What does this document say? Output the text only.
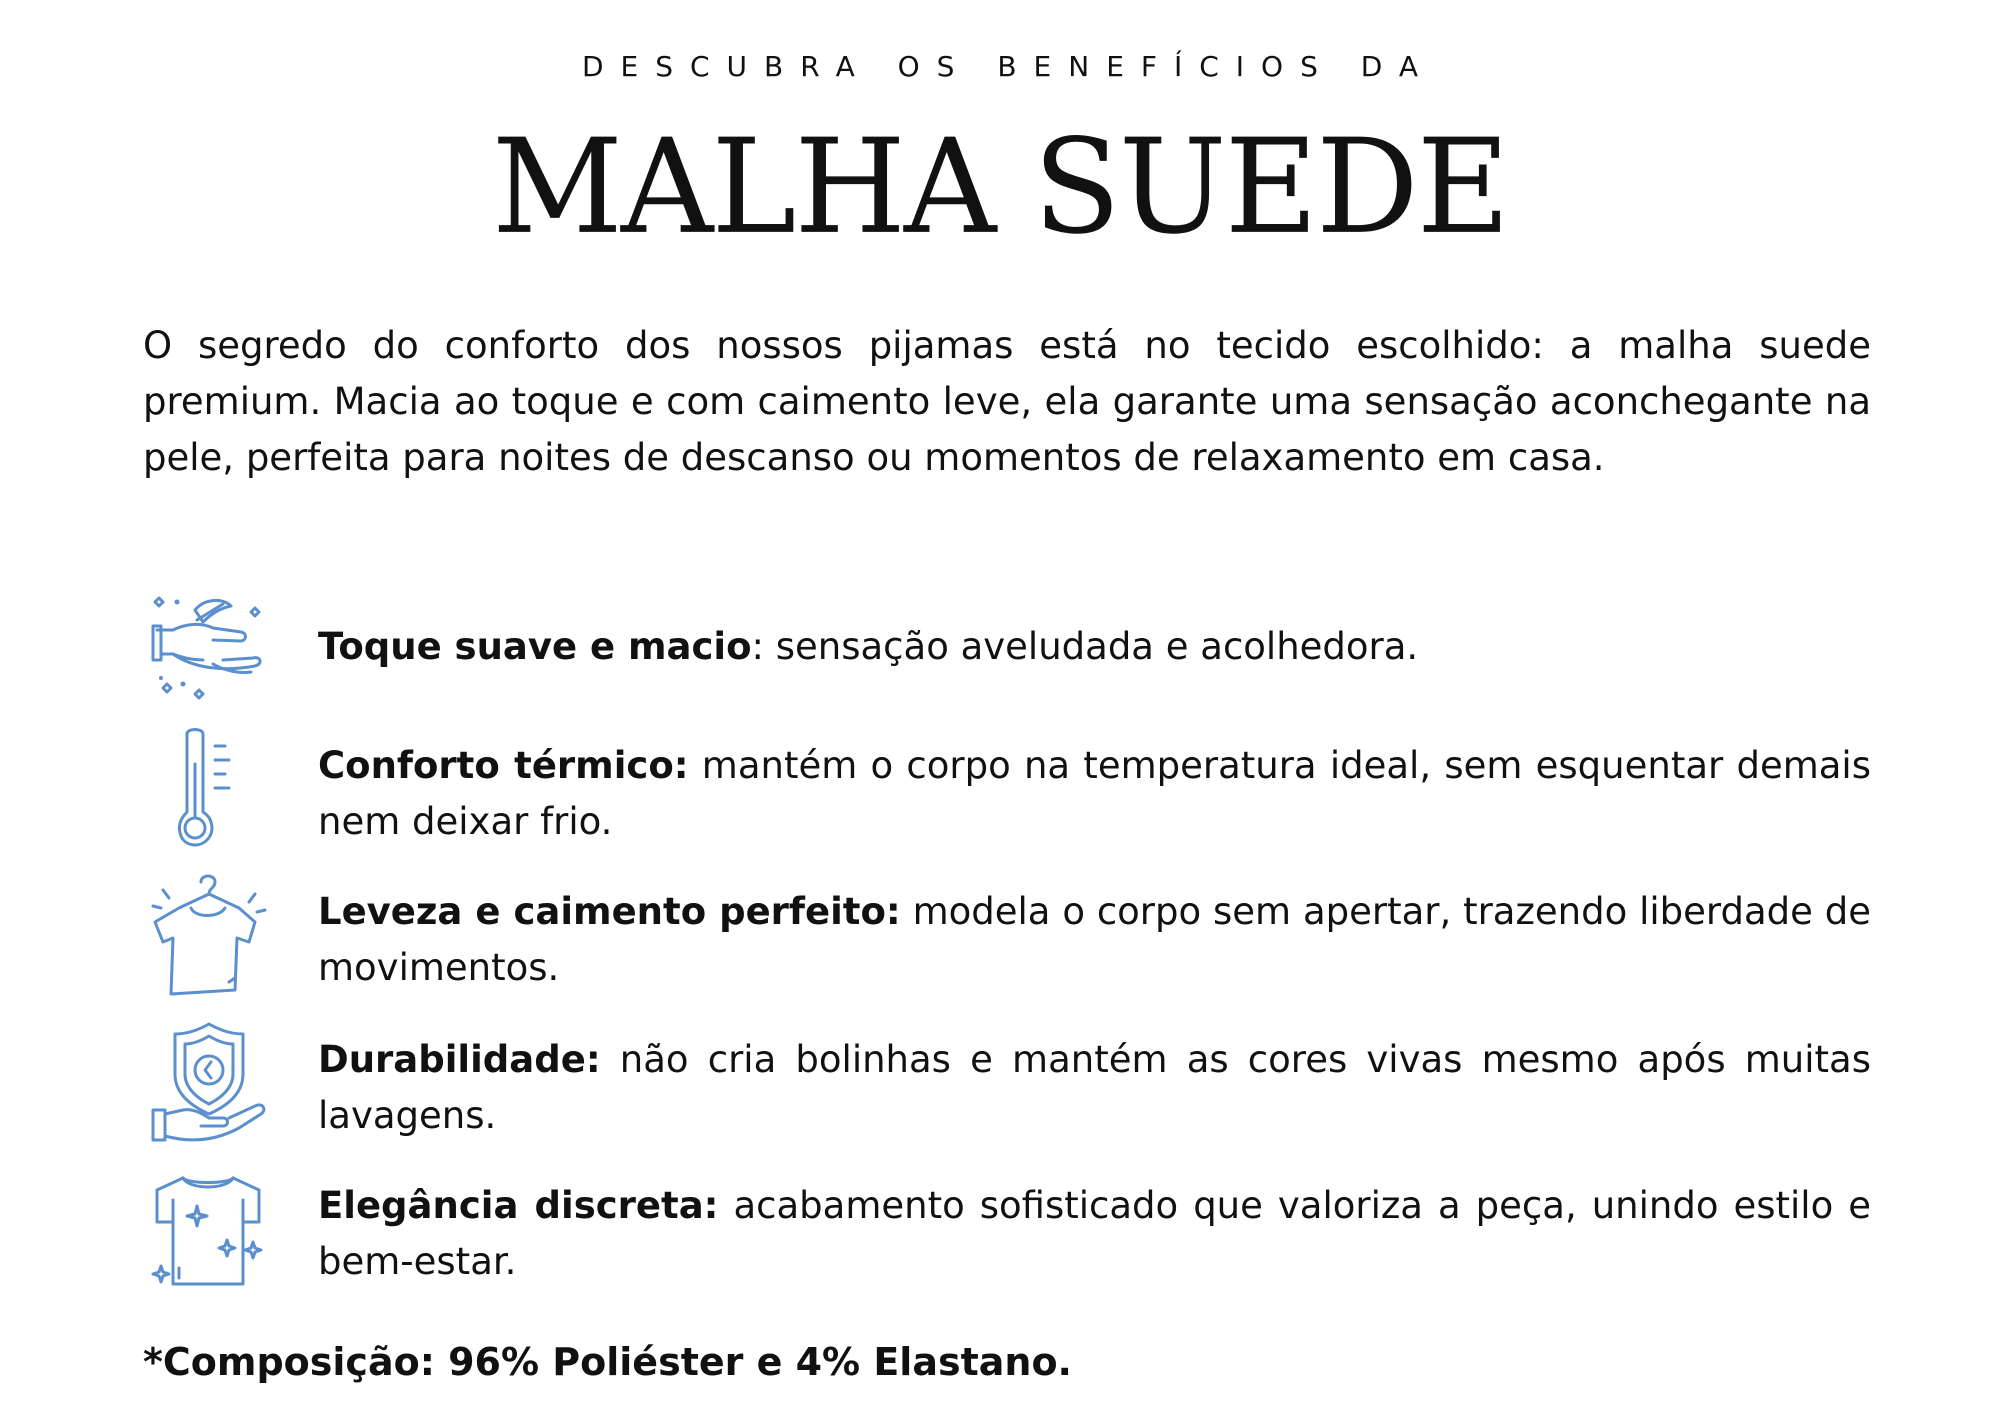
DESCUBRA OS BENEFÍCIOS DA
MALHA SUEDE

O segredo do conforto dos nossos pijamas está no tecido escolhido: a malha suede premium. Macia ao toque e com caimento leve, ela garante uma sensação aconchegante na pele, perfeita para noites de descanso ou momentos de relaxamento em casa.

Toque suave e macio: sensação aveludada e acolhedora.

Conforto térmico: mantém o corpo na temperatura ideal, sem esquentar demais nem deixar frio.

Leveza e caimento perfeito: modela o corpo sem apertar, trazendo liberdade de movimentos.

Durabilidade: não cria bolinhas e mantém as cores vivas mesmo após muitas lavagens.

Elegância discreta: acabamento sofisticado que valoriza a peça, unindo estilo e bem-estar.

*Composição: 96% Poliéster e 4% Elastano.
